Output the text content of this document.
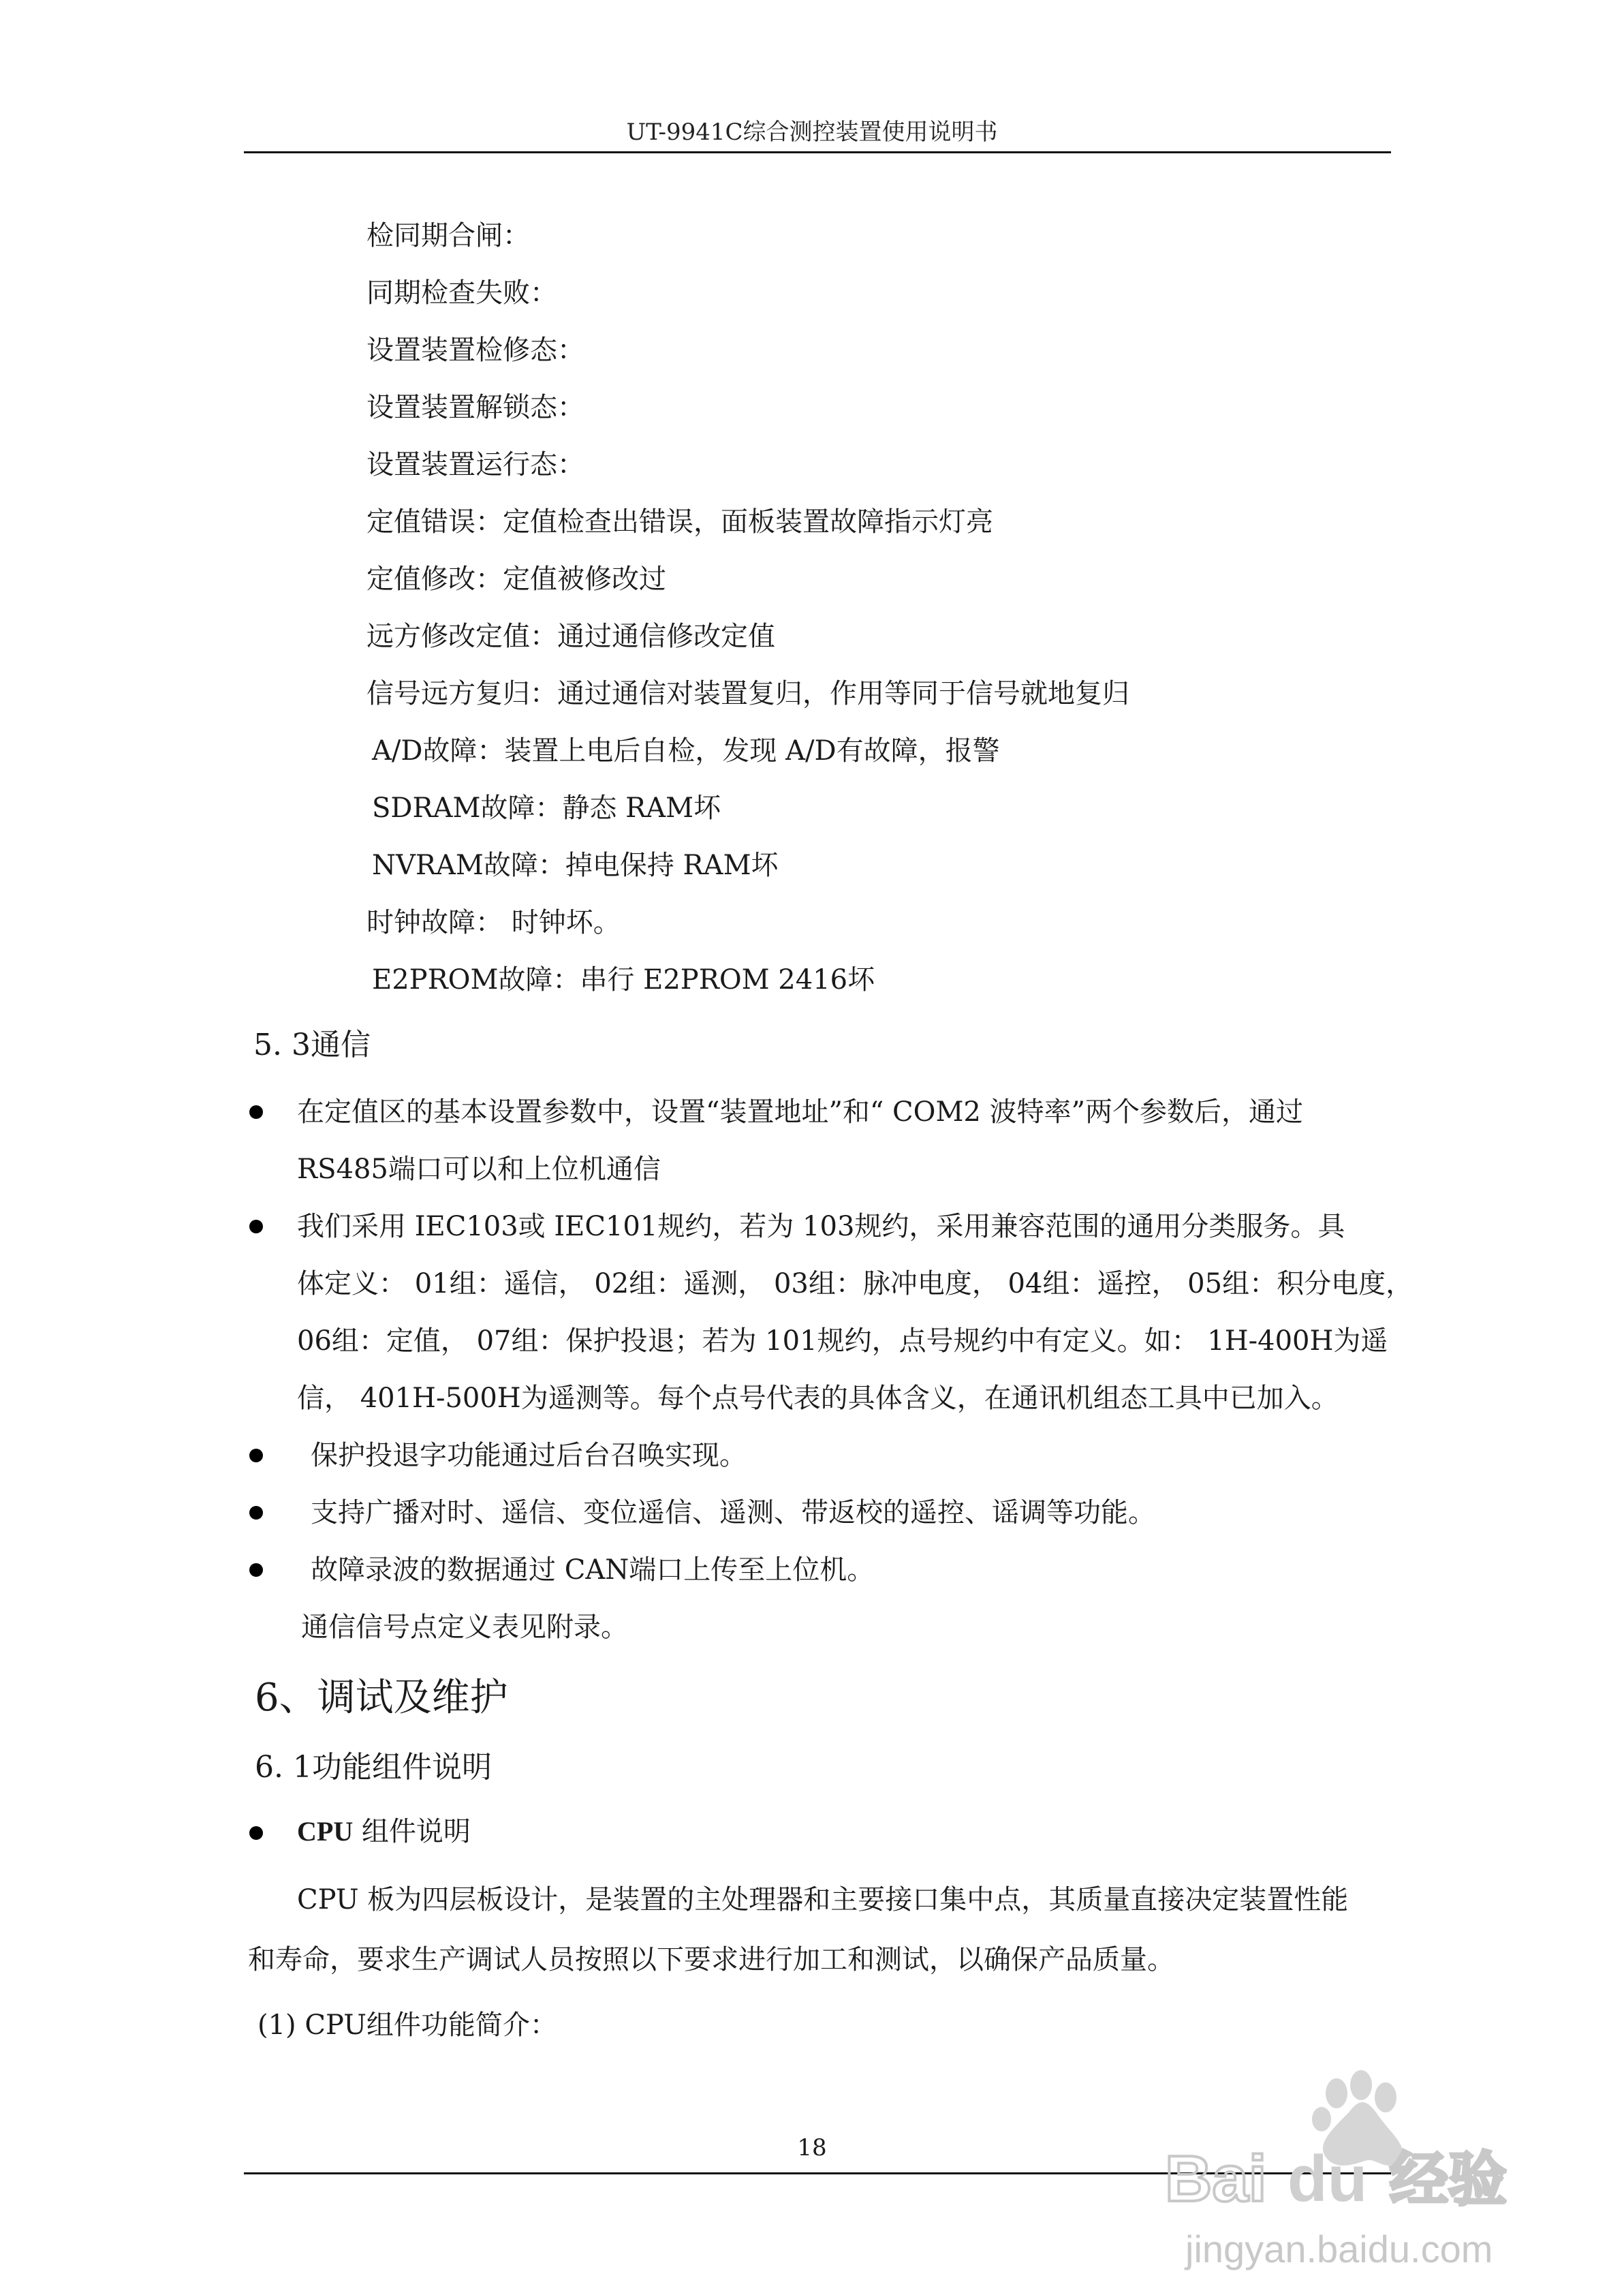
UT-9941C综合测控装置使用说明书
检同期合闸：
同期检查失败：
设置装置检修态：
设置装置解锁态：
设置装置运行态：
定值错误：定值检查出错误，面板装置故障指示灯亮
定值修改：定值被修改过
远方修改定值：通过通信修改定值
信号远方复归：通过通信对装置复归，作用等同于信号就地复归
A/D故障：装置上电后自检，发现 A/D有故障，报警
SDRAM故障：静态 RAM坏
NVRAM故障：掉电保持 RAM坏
时钟故障： 时钟坏。
E2PROM故障：串行 E2PROM 2416坏
5. 3通信
在定值区的基本设置参数中，设置“装置地址”和“ COM2 波特率”两个参数后，通过
RS485端口可以和上位机通信
我们采用 IEC103或 IEC101规约，若为 103规约，采用兼容范围的通用分类服务。具
体定义： 01组：遥信， 02组：遥测， 03组：脉冲电度， 04组：遥控， 05组：积分电度，
06组：定值， 07组：保护投退；若为 101规约，点号规约中有定义。如： 1H-400H为遥
信， 401H-500H为遥测等。每个点号代表的具体含义，在通讯机组态工具中已加入。
保护投退字功能通过后台召唤实现。
支持广播对时、遥信、变位遥信、遥测、带返校的遥控、谣调等功能。
故障录波的数据通过 CAN端口上传至上位机。
通信信号点定义表见附录。
6、调试及维护
6. 1功能组件说明
CPU 组件说明
CPU 板为四层板设计，是装置的主处理器和主要接口集中点，其质量直接决定装置性能
和寿命，要求生产调试人员按照以下要求进行加工和测试，以确保产品质量。
(1) CPU组件功能简介：
18	Bai du 经验
jingyan.baidu.com
